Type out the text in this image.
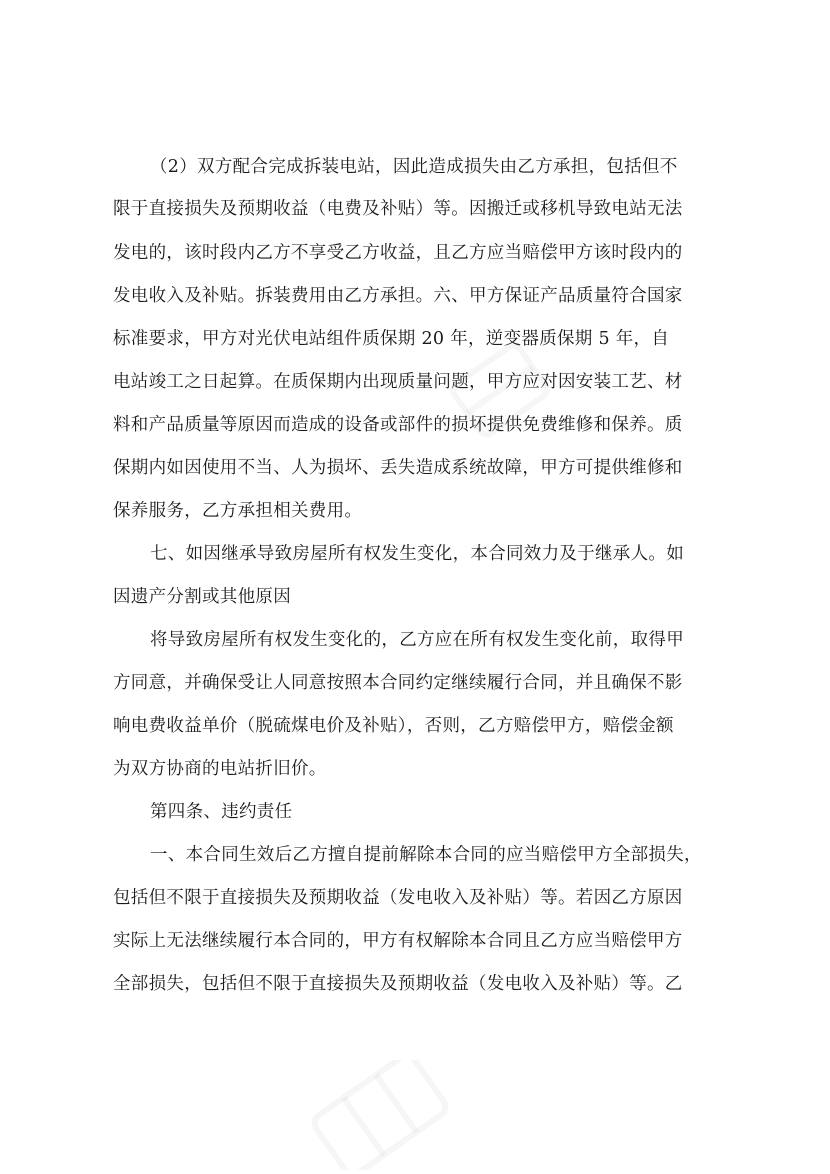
（2）双方配合完成拆装电站，因此造成损失由乙方承担，包括但不
限于直接损失及预期收益（电费及补贴）等。因搬迁或移机导致电站无法
发电的，该时段内乙方不享受乙方收益，且乙方应当赔偿甲方该时段内的
发电收入及补贴。拆装费用由乙方承担。六、甲方保证产品质量符合国家
标准要求，甲方对光伏电站组件质保期 20 年，逆变器质保期 5 年，自
电站竣工之日起算。在质保期内出现质量问题，甲方应对因安装工艺、材
料和产品质量等原因而造成的设备或部件的损坏提供免费维修和保养。质
保期内如因使用不当、人为损坏、丢失造成系统故障，甲方可提供维修和
保养服务，乙方承担相关费用。
七、如因继承导致房屋所有权发生变化，本合同效力及于继承人。如
因遗产分割或其他原因
将导致房屋所有权发生变化的，乙方应在所有权发生变化前，取得甲
方同意，并确保受让人同意按照本合同约定继续履行合同，并且确保不影
响电费收益单价（脱硫煤电价及补贴），否则，乙方赔偿甲方，赔偿金额
为双方协商的电站折旧价。
第四条、违约责任
一、本合同生效后乙方擅自提前解除本合同的应当赔偿甲方全部损失，
包括但不限于直接损失及预期收益（发电收入及补贴）等。若因乙方原因
实际上无法继续履行本合同的，甲方有权解除本合同且乙方应当赔偿甲方
全部损失，包括但不限于直接损失及预期收益（发电收入及补贴）等。乙
